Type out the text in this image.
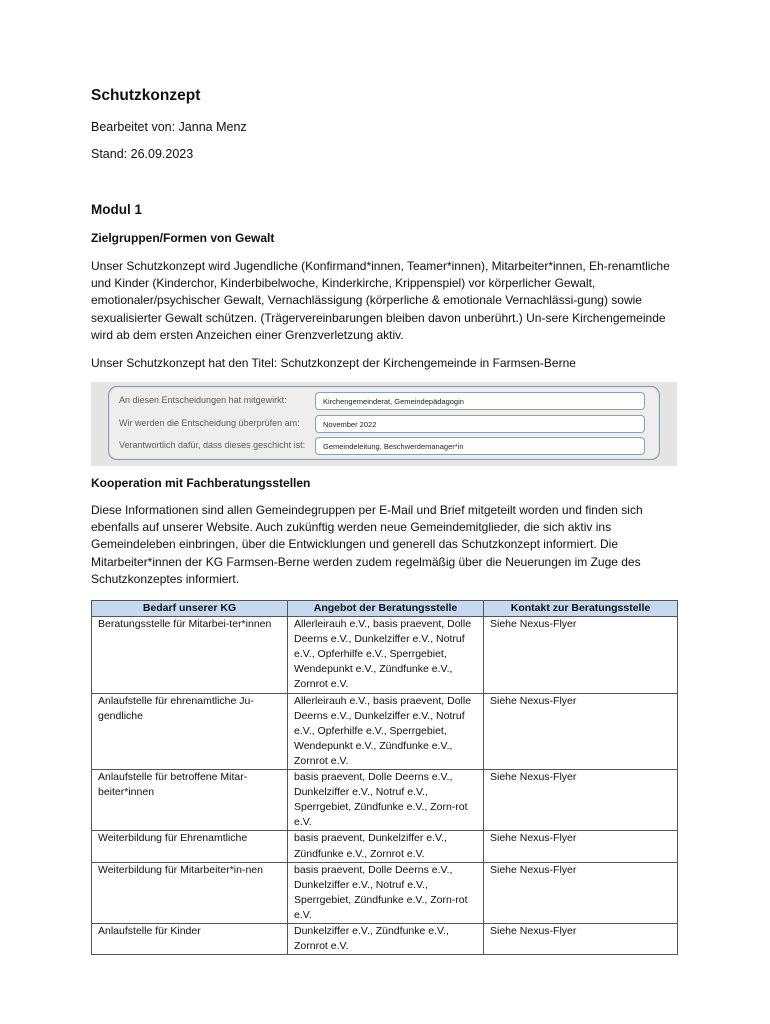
Schutzkonzept
Bearbeitet von: Janna Menz
Stand: 26.09.2023
Modul 1
Zielgruppen/Formen von Gewalt

Unser Schutzkonzept wird Jugendliche (Konfirmand*innen, Teamer*innen), Mitarbeiter*innen, Eh-renamtliche und Kinder (Kinderchor, Kinderbibelwoche, Kinderkirche, Krippenspiel) vor körperlicher Gewalt, emotionaler/psychischer Gewalt, Vernachlässigung (körperliche & emotionale Vernachlässi-gung) sowie sexualisierter Gewalt schützen. (Trägervereinbarungen bleiben davon unberührt.) Un-sere Kirchengemeinde wird ab dem ersten Anzeichen einer Grenzverletzung aktiv.

Unser Schutzkonzept hat den Titel: Schutzkonzept der Kirchengemeinde in Farmsen-Berne

An diesen Entscheidungen hat mitgewirkt:	Kirchengemeinderat, Gemeindepädagogin
Wir werden die Entscheidung überprüfen am:	November 2022
Verantwortlich dafür, dass dieses geschicht ist:	Gemeindeleitung, Beschwerdemanager*in
Kooperation mit Fachberatungsstellen

Diese Informationen sind allen Gemeindegruppen per E-Mail und Brief mitgeteilt worden und finden sich ebenfalls auf unserer Website. Auch zukünftig werden neue Gemeindemitglieder, die sich aktiv ins Gemeindeleben einbringen, über die Entwicklungen und generell das Schutzkonzept informiert. Die Mitarbeiter*innen der KG Farmsen-Berne werden zudem regelmäßig über die Neuerungen im Zuge des Schutzkonzeptes informiert.

Bedarf unserer KG	Angebot der Beratungsstelle	Kontakt zur Beratungsstelle
Beratungsstelle für Mitarbei-ter*innen	Allerleirauh e.V., basis praevent, Dolle Deerns e.V., Dunkelziffer e.V., Notruf e.V., Opferhilfe e.V., Sperrgebiet, Wendepunkt e.V., Zündfunke e.V., Zornrot e.V.	Siehe Nexus-Flyer
Anlaufstelle für ehrenamtliche Ju-gendliche	Allerleirauh e.V., basis praevent, Dolle Deerns e.V., Dunkelziffer e.V., Notruf e.V., Opferhilfe e.V., Sperrgebiet, Wendepunkt e.V., Zündfunke e.V., Zornrot e.V.	Siehe Nexus-Flyer
Anlaufstelle für betroffene Mitar-beiter*innen	basis praevent, Dolle Deerns e.V., Dunkelziffer e.V., Notruf e.V., Sperrgebiet, Zündfunke e.V., Zorn-rot e.V.	Siehe Nexus-Flyer
Weiterbildung für Ehrenamtliche	basis praevent, Dunkelziffer e.V., Zündfunke e.V., Zornrot e.V.	Siehe Nexus-Flyer
Weiterbildung für Mitarbeiter*in-nen	basis praevent, Dolle Deerns e.V., Dunkelziffer e.V., Notruf e.V., Sperrgebiet, Zündfunke e.V., Zorn-rot e.V.	Siehe Nexus-Flyer
Anlaufstelle für Kinder	Dunkelziffer e.V., Zündfunke e.V., Zornrot e.V.	Siehe Nexus-Flyer
